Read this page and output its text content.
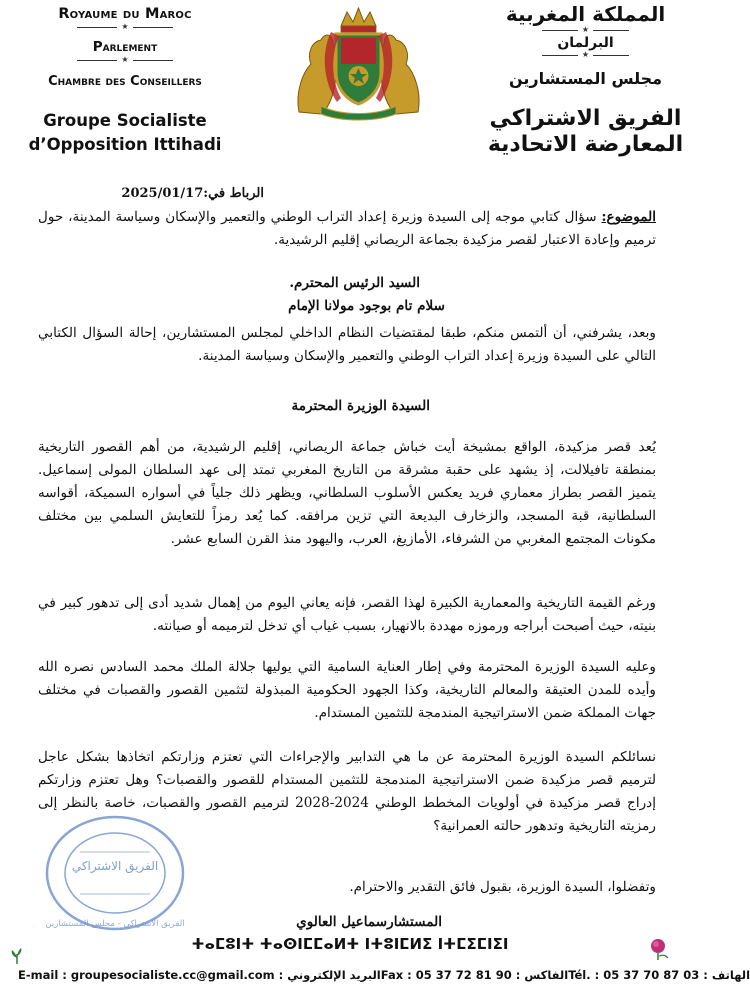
Royaume du Maroc
★
Parlement
★
Chambre des Conseillers
Groupe Socialiste
d’Opposition Ittihadi
المملكة المغربية
★
البرلمان
★
مجلس المستشارين
الفريق الاشتراكي
المعارضة الاتحادية
الرباط في:2025/01/17
الموضوع: سؤال كتابي موجه إلى السيدة وزيرة إعداد التراب الوطني والتعمير والإسكان وسياسة المدينة، حول ترميم وإعادة الاعتبار لقصر مزكيدة بجماعة الريصاني إقليم الرشيدية.
السيد الرئيس المحترم.
سلام تام بوجود مولانا الإمام
وبعد، يشرفني، أن ألتمس منكم، طبقا لمقتضيات النظام الداخلي لمجلس المستشارين، إحالة السؤال الكتابي التالي على السيدة وزيرة إعداد التراب الوطني والتعمير والإسكان وسياسة المدينة.
السيدة الوزيرة المحترمة
يُعد قصر مزكيدة، الواقع بمشيخة أيت خباش جماعة الريصاني، إقليم الرشيدية، من أهم القصور التاريخية بمنطقة تافيلالت، إذ يشهد على حقبة مشرقة من التاريخ المغربي تمتد إلى عهد السلطان المولى إسماعيل. يتميز القصر بطراز معماري فريد يعكس الأسلوب السلطاني، ويظهر ذلك جلياً في أسواره السميكة، أقواسه السلطانية، قبة المسجد، والزخارف البديعة التي تزين مرافقه. كما يُعد رمزاً للتعايش السلمي بين مختلف مكونات المجتمع المغربي من الشرفاء، الأمازيغ، العرب، واليهود منذ القرن السابع عشر.
ورغم القيمة التاريخية والمعمارية الكبيرة لهذا القصر، فإنه يعاني اليوم من إهمال شديد أدى إلى تدهور كبير في بنيته، حيث أصبحت أبراجه ورموزه مهددة بالانهيار، بسبب غياب أي تدخل لترميمه أو صيانته.
وعليه السيدة الوزيرة المحترمة وفي إطار العناية السامية التي يوليها جلالة الملك محمد السادس نصره الله وأيده للمدن العتيقة والمعالم التاريخية، وكذا الجهود الحكومية المبذولة لتثمين القصور والقصبات في مختلف جهات المملكة ضمن الاستراتيجية المندمجة للتثمين المستدام.
نسائلكم السيدة الوزيرة المحترمة عن ما هي التدابير والإجراءات التي تعتزم وزارتكم اتخاذها بشكل عاجل لترميم قصر مزكيدة ضمن الاستراتيجية المندمجة للتثمين المستدام للقصور والقصبات؟ وهل تعتزم وزارتكم إدراج قصر مزكيدة في أولويات المخطط الوطني 2024-2028 لترميم القصور والقصبات، خاصة بالنظر إلى رمزيته التاريخية وتدهور حالته العمرانية؟
الفريق الاشتراكي
الفريق الاشتراكي - مجلس المستشارين
وتفضلوا، السيدة الوزيرة، بقبول فائق التقدير والاحترام.
المستشارسماعيل العالوي
ⵜⴰⵎⵓⵏⵜ ⵜⴰⵙⵏⵎⵎⴰⵍⵜ ⵏⵜⵓⵏⵎⵍⵉ ⵏⵜⵎⵉⵎⵏⵉⵏ
E-mail : groupesocialiste.cc@gmail.com : البريد الإلكتروني Fax : 05 37 72 81 90 : الفاكس Tél. : 05 37 70 87 03 : الهاتف
